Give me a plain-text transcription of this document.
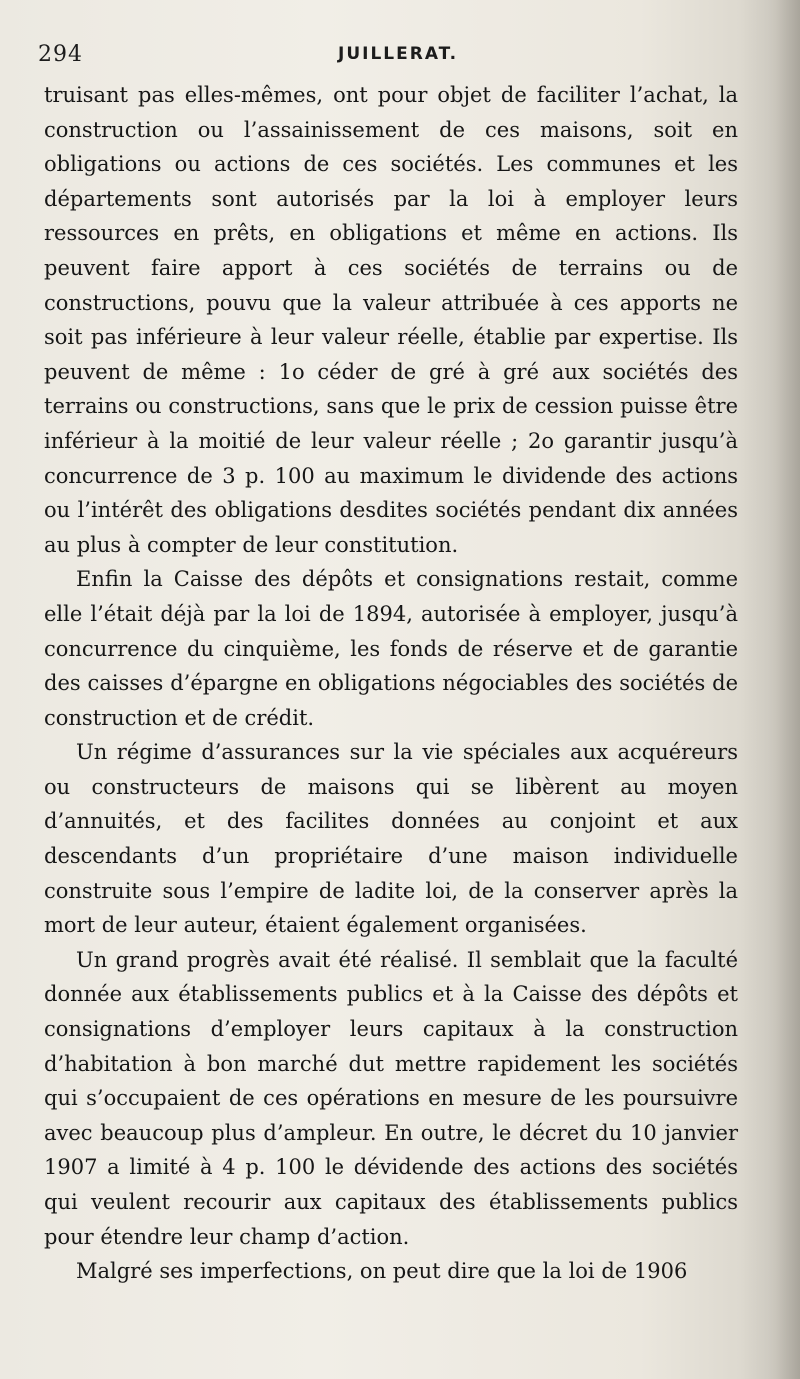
294	JUILLERAT.

truisant pas elles-mêmes, ont pour objet de faciliter l’achat, la construction ou l’assainissement de ces maisons, soit en obligations ou actions de ces sociétés. Les communes et les départements sont autorisés par la loi à employer leurs ressources en prêts, en obligations et même en actions. Ils peuvent faire apport à ces sociétés de terrains ou de constructions, pouvu que la valeur attribuée à ces apports ne soit pas inférieure à leur valeur réelle, établie par expertise. Ils peuvent de même : 1o céder de gré à gré aux sociétés des terrains ou constructions, sans que le prix de cession puisse être inférieur à la moitié de leur valeur réelle ; 2o garantir jusqu’à concurrence de 3 p. 100 au maximum le dividende des actions ou l’intérêt des obligations desdites sociétés pendant dix années au plus à compter de leur constitution.

Enfin la Caisse des dépôts et consignations restait, comme elle l’était déjà par la loi de 1894, autorisée à employer, jusqu’à concurrence du cinquième, les fonds de réserve et de garantie des caisses d’épargne en obligations négociables des sociétés de construction et de crédit.

Un régime d’assurances sur la vie spéciales aux acquéreurs ou constructeurs de maisons qui se libèrent au moyen d’annuités, et des facilites données au conjoint et aux descendants d’un propriétaire d’une maison individuelle construite sous l’empire de ladite loi, de la conserver après la mort de leur auteur, étaient également organisées.

Un grand progrès avait été réalisé. Il semblait que la faculté donnée aux établissements publics et à la Caisse des dépôts et consignations d’employer leurs capitaux à la construction d’habitation à bon marché dut mettre rapidement les sociétés qui s’occupaient de ces opérations en mesure de les poursuivre avec beaucoup plus d’ampleur. En outre, le décret du 10 janvier 1907 a limité à 4 p. 100 le dévidende des actions des sociétés qui veulent recourir aux capitaux des établissements publics pour étendre leur champ d’action.

Malgré ses imperfections, on peut dire que la loi de 1906
